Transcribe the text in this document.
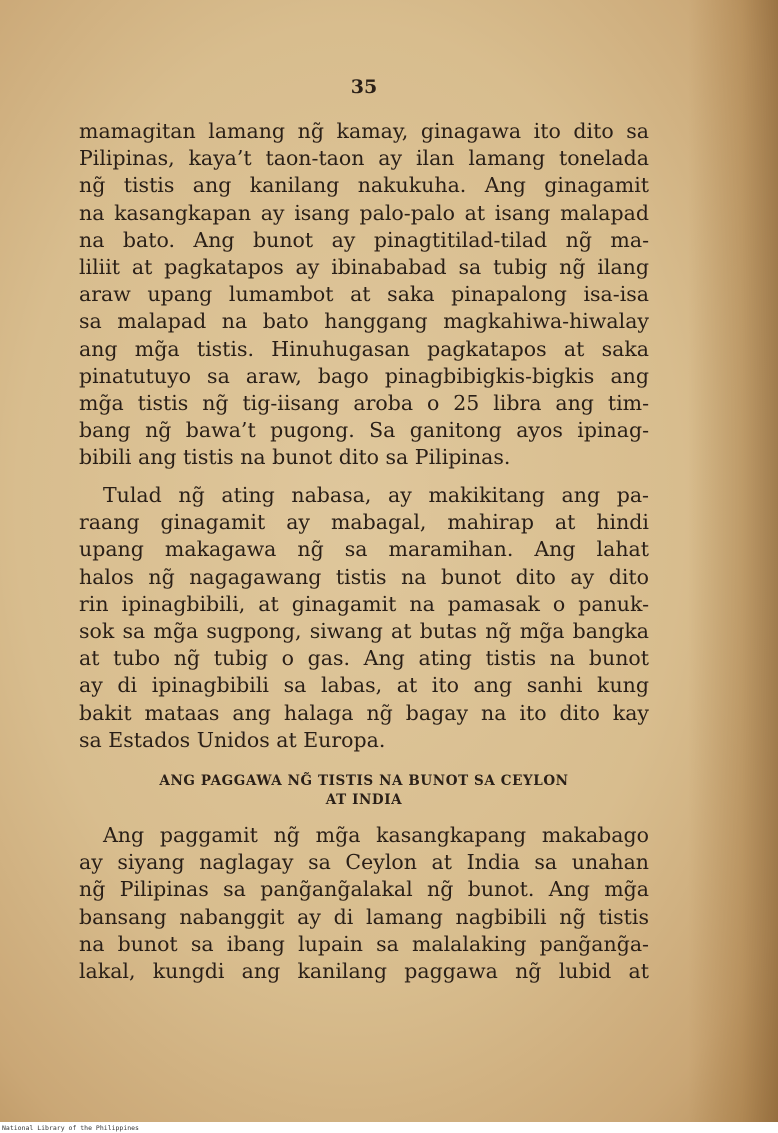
35
mamagitan lamang ng̃ kamay, ginagawa ito dito sa
Pilipinas, kaya’t taon-taon ay ilan lamang tonelada
ng̃ tistis ang kanilang nakukuha. Ang ginagamit
na kasangkapan ay isang palo-palo at isang malapad
na bato. Ang bunot ay pinagtitilad-tilad ng̃ ma-
liliit at pagkatapos ay ibinababad sa tubig ng̃ ilang
araw upang lumambot at saka pinapalong isa-isa
sa malapad na bato hanggang magkahiwa-hiwalay
ang mg̃a tistis. Hinuhugasan pagkatapos at saka
pinatutuyo sa araw, bago pinagbibigkis-bigkis ang
mg̃a tistis ng̃ tig-iisang aroba o 25 libra ang tim-
bang ng̃ bawa’t pugong. Sa ganitong ayos ipinag-
bibili ang tistis na bunot dito sa Pilipinas.
Tulad ng̃ ating nabasa, ay makikitang ang pa-
raang ginagamit ay mabagal, mahirap at hindi
upang makagawa ng̃ sa maramihan. Ang lahat
halos ng̃ nagagawang tistis na bunot dito ay dito
rin ipinagbibili, at ginagamit na pamasak o panuk-
sok sa mg̃a sugpong, siwang at butas ng̃ mg̃a bangka
at tubo ng̃ tubig o gas. Ang ating tistis na bunot
ay di ipinagbibili sa labas, at ito ang sanhi kung
bakit mataas ang halaga ng̃ bagay na ito dito kay
sa Estados Unidos at Europa.
ANG PAGGAWA NG̃ TISTIS NA BUNOT SA CEYLON
AT INDIA
Ang paggamit ng̃ mg̃a kasangkapang makabago
ay siyang naglagay sa Ceylon at India sa unahan
ng̃ Pilipinas sa pang̃ang̃alakal ng̃ bunot. Ang mg̃a
bansang nabanggit ay di lamang nagbibili ng̃ tistis
na bunot sa ibang lupain sa malalaking pang̃ang̃a-
lakal, kungdi ang kanilang paggawa ng̃ lubid at
National Library of the Philippines
